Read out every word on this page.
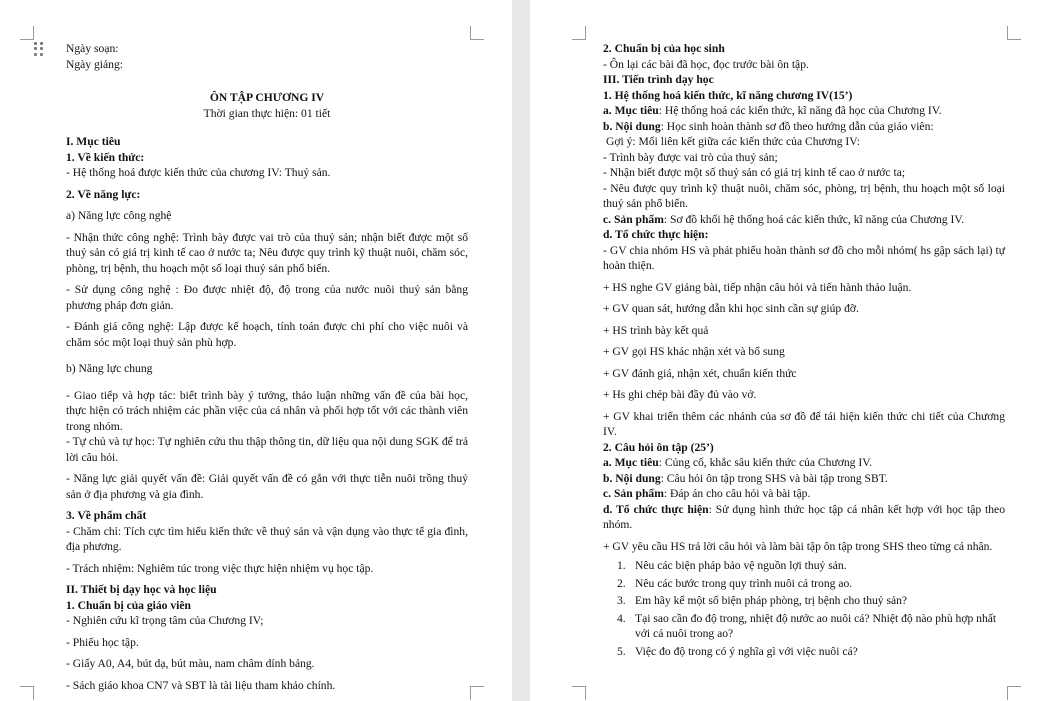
Ngày soạn:
Ngày giảng:
ÔN TẬP CHƯƠNG IV
Thời gian thực hiện: 01 tiết
I. Mục tiêu
1. Về kiến thức:
- Hệ thống hoá được kiến thức của chương IV: Thuỷ sản.
2. Về năng lực:
a) Năng lực công nghệ
- Nhận thức công nghệ: Trình bày được vai trò của thuỷ sản; nhận biết được một số thuỷ sản có giá trị kinh tế cao ở nước ta; Nêu được quy trình kỹ thuật nuôi, chăm sóc, phòng, trị bệnh, thu hoạch một số loại thuỷ sản phổ biến.
- Sử dụng công nghệ : Đo được nhiệt độ, độ trong của nước nuôi thuỷ sản bằng phương pháp đơn giản.
- Đánh giá công nghệ: Lập được kế hoạch, tính toán được chi phí cho việc nuôi và chăm sóc một loại thuỷ sản phù hợp.
b) Năng lực chung
- Giao tiếp và hợp tác: biết trình bày ý tưởng, thảo luận những vấn đề của bài học, thực hiện có trách nhiệm các phần việc của cá nhân và phối hợp tốt với các thành viên trong nhóm.
- Tự chủ và tự học: Tự nghiên cứu thu thập thông tin, dữ liệu qua nội dung SGK để trả lời câu hỏi.
- Năng lực giải quyết vấn đề: Giải quyết vấn đề có gắn với thực tiễn nuôi trồng thuỷ sản ở địa phương và gia đình.
3. Về phẩm chất
- Chăm chỉ: Tích cực tìm hiểu kiến thức về thuỷ sản và vận dụng vào thực tế gia đình, địa phương.
- Trách nhiệm: Nghiêm túc trong việc thực hiện nhiệm vụ học tập.
II. Thiết bị dạy học và học liệu
1. Chuẩn bị của giáo viên
- Nghiên cứu kĩ trọng tâm của Chương IV;
- Phiếu học tập.
- Giấy A0, A4, bút dạ, bút màu, nam châm dính bảng.
- Sách giáo khoa CN7 và SBT là tài liệu tham khảo chính.
2. Chuẩn bị của học sinh
- Ôn lại các bài đã học, đọc trước bài ôn tập.
III. Tiến trình dạy học
1. Hệ thống hoá kiến thức, kĩ năng chương IV(15’)
a. Mục tiêu: Hệ thống hoá các kiến thức, kĩ năng đã học của Chương IV.
b. Nội dung: Học sinh hoàn thành sơ đồ theo hướng dẫn của giáo viên:
Gợi ý: Mối liên kết giữa các kiến thức của Chương IV:
- Trình bày được vai trò của thuỷ sản;
- Nhận biết được một số thuỷ sản có giá trị kinh tế cao ở nước ta;
- Nêu được quy trình kỹ thuật nuôi, chăm sóc, phòng, trị bệnh, thu hoạch một số loại thuỷ sản phổ biến.
c. Sản phẩm: Sơ đồ khối hệ thống hoá các kiến thức, kĩ năng của Chương IV.
d. Tổ chức thực hiện:
- GV chia nhóm HS và phát phiếu hoàn thành sơ đồ cho mỗi nhóm( hs gập sách lại) tự hoàn thiện.
+ HS nghe GV giảng bài, tiếp nhận câu hỏi và tiến hành thảo luận.
+ GV quan sát, hướng dẫn khi học sinh cần sự giúp đỡ.
+ HS trình bày kết quả
+ GV gọi HS khác nhận xét và bổ sung
+ GV đánh giá, nhận xét, chuẩn kiến thức
+ Hs ghi chép bài đầy đủ vào vở.
+ GV khai triển thêm các nhánh của sơ đồ để tái hiện kiến thức chi tiết của Chương IV.
2. Câu hỏi ôn tập (25’)
a. Mục tiêu: Củng cố, khắc sâu kiến thức của Chương IV.
b. Nội dung: Câu hỏi ôn tập trong SHS và bài tập trong SBT.
c. Sản phẩm: Đáp án cho câu hỏi và bài tập.
d. Tổ chức thực hiện: Sử dụng hình thức học tập cá nhân kết hợp với học tập theo nhóm.
+ GV yêu cầu HS trả lời câu hỏi và làm bài tập ôn tập trong SHS theo từng cá nhân.
1. Nêu các biện pháp bảo vệ nguồn lợi thuỷ sản.
2. Nêu các bước trong quy trình nuôi cá trong ao.
3. Em hãy kể một số biện pháp phòng, trị bệnh cho thuỷ sản?
4. Tại sao cần đo độ trong, nhiệt độ nước ao nuôi cá? Nhiệt độ nào phù hợp nhất với cá nuôi trong ao?
5. Việc đo độ trong có ý nghĩa gì với việc nuôi cá?
